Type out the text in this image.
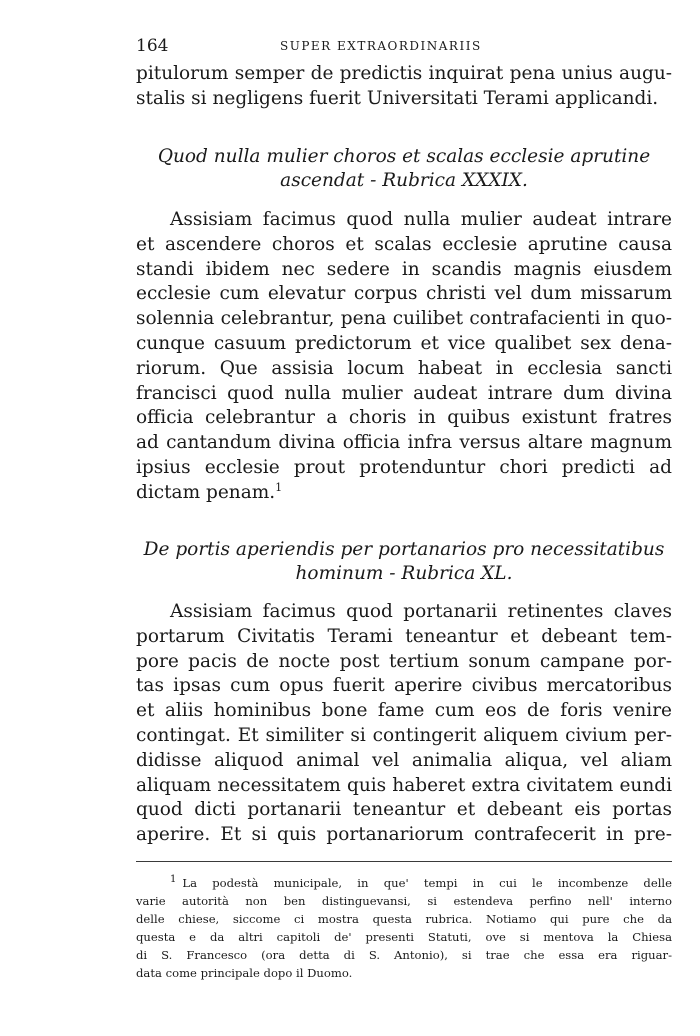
164	SUPER EXTRAORDINARIIS
pitulorum semper de predictis inquirat pena unius augu-
stalis si negligens fuerit Universitati Terami applicandi.
Quod nulla mulier choros et scalas ecclesie aprutine
ascendat - Rubrica XXXIX.
Assisiam facimus quod nulla mulier audeat intrare
et ascendere choros et scalas ecclesie aprutine causa
standi ibidem nec sedere in scandis magnis eiusdem
ecclesie cum elevatur corpus christi vel dum missarum
solennia celebrantur, pena cuilibet contrafacienti in quo-
cunque casuum predictorum et vice qualibet sex dena-
riorum. Que assisia locum habeat in ecclesia sancti
francisci quod nulla mulier audeat intrare dum divina
officia celebrantur a choris in quibus existunt fratres
ad cantandum divina officia infra versus altare magnum
ipsius ecclesie prout protenduntur chori predicti ad
dictam penam.$^1$
De portis aperiendis per portanarios pro necessitatibus
hominum - Rubrica XL.
Assisiam facimus quod portanarii retinentes claves
portarum Civitatis Terami teneantur et debeant tem-
pore pacis de nocte post tertium sonum campane por-
tas ipsas cum opus fuerit aperire civibus mercatoribus
et aliis hominibus bone fame cum eos de foris venire
contingat. Et similiter si contingerit aliquem civium per-
didisse aliquod animal vel animalia aliqua, vel aliam
aliquam necessitatem quis haberet extra civitatem eundi
quod dicti portanarii teneantur et debeant eis portas
aperire. Et si quis portanariorum contrafecerit in pre-
$^1$ La podestà municipale, in que' tempi in cui le incombenze delle
varie autorità non ben distinguevansi, si estendeva perfino nell' interno
delle chiese, siccome ci mostra questa rubrica. Notiamo qui pure che da
questa e da altri capitoli de' presenti Statuti, ove si mentova la Chiesa
di S. Francesco (ora detta di S. Antonio), si trae che essa era riguar-
data come principale dopo il Duomo.
